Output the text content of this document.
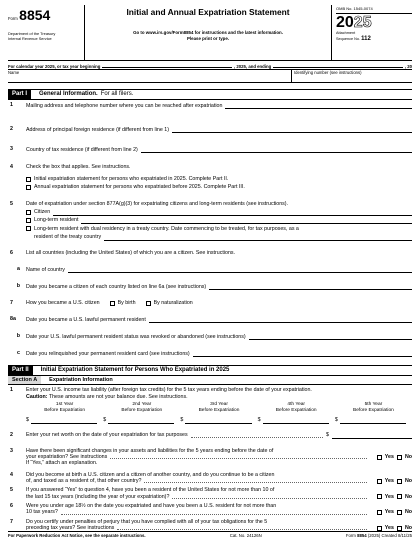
Form 8854
Department of the Treasury
Internal Revenue Service
Initial and Annual Expatriation Statement
Go to www.irs.gov/Form8854 for instructions and the latest information.
Please print or type.
OMB No. 1545-0074
2025
Attachment
Sequence No. 112
For calendar year 2025, or tax year beginning	, 2025, and ending	, 20
Name	Identifying number (see instructions)
Part I	General Information. For all filers.
1	Mailing address and telephone number where you can be reached after expatriation
2	Address of principal foreign residence (if different from line 1)
3	Country of tax residence (if different from line 2)
4	Check the box that applies. See instructions.
Initial expatriation statement for persons who expatriated in 2025. Complete Part II.
Annual expatriation statement for persons who expatriated before 2025. Complete Part III.
5	Date of expatriation under section 877A(g)(3) for expatriating citizens and long-term residents (see instructions).
Citizen
Long-term resident
Long-term resident with dual residency in a treaty country. Date commencing to be treated, for tax purposes, as a
resident of the treaty country
6	List all countries (including the United States) of which you are a citizen. See instructions.
a	Name of country
b	Date you became a citizen of each country listed on line 6a (see instructions)
7	How you became a U.S. citizen	By birth	By naturalization
8a	Date you became a U.S. lawful permanent resident
b	Date your U.S. lawful permanent resident status was revoked or abandoned (see instructions)
c	Date you relinquished your permanent resident card (see instructions)
Part II	Initial Expatriation Statement for Persons Who Expatriated in 2025
Section A	Expatriation Information
1	Enter your U.S. income tax liability (after foreign tax credits) for the 5 tax years ending before the date of your expatriation.
Caution: These amounts are not your balance due. See instructions.
1st Year
Before Expatriation
2nd Year
Before Expatriation
3rd Year
Before Expatriation
4th Year
Before Expatriation
5th Year
Before Expatriation
$	$	$	$	$
2	Enter your net worth on the date of your expatriation for tax purposes	$
3	Have there been significant changes in your assets and liabilities for the 5 years ending before the date of
your expatriation? See instructions	Yes No
If “Yes,” attach an explanation.
4	Did you become at birth a U.S. citizen and a citizen of another country, and do you continue to be a citizen
of, and taxed as a resident of, that other country?	Yes No
5	If you answered “Yes” to question 4, have you been a resident of the United States for not more than 10 of
the last 15 tax years (including the year of your expatriation)?	Yes No
6	Were you under age 18½ on the date you expatriated and have you been a U.S. resident for not more than
10 tax years?	Yes No
7	Do you certify under penalties of perjury that you have complied with all of your tax obligations for the 5
preceding tax years? See instructions	Yes No
For Paperwork Reduction Act Notice, see the separate instructions.	Cat. No. 24126N	Form 8854 (2025) Created 8/11/25
